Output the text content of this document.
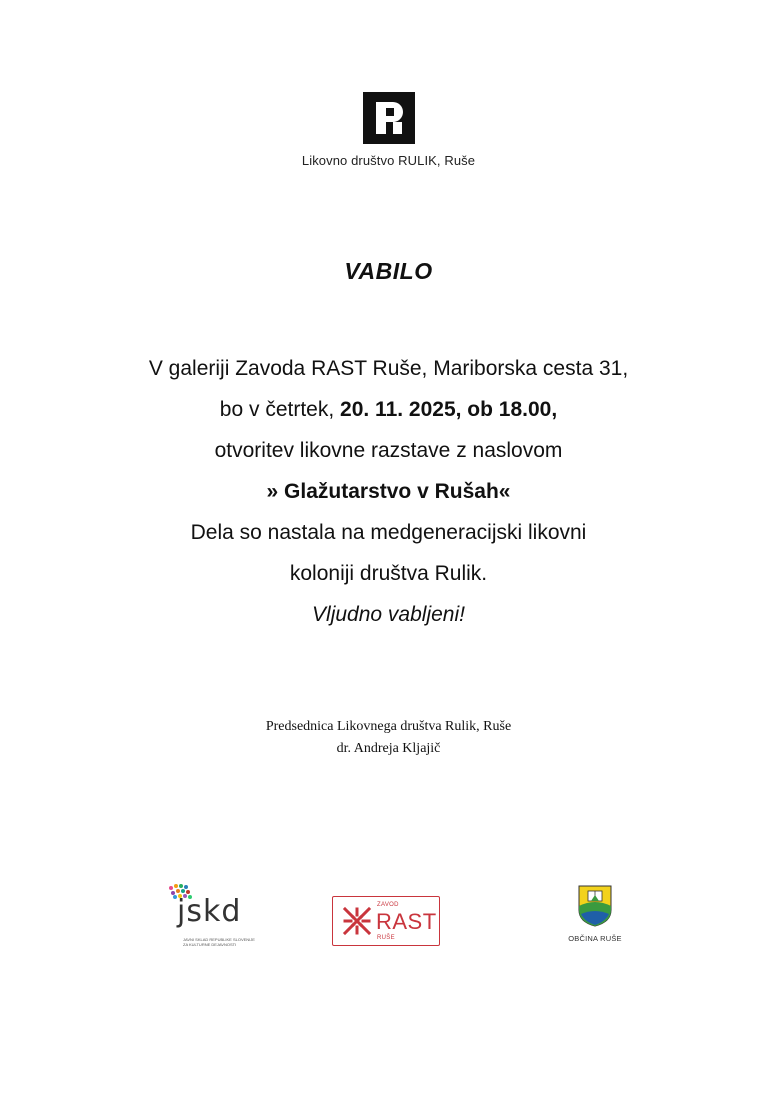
Likovno društvo RULIK, Ruše
VABILO
V galeriji Zavoda RAST Ruše, Mariborska cesta 31,
bo v četrtek, 20. 11. 2025, ob 18.00,
otvoritev likovne razstave z naslovom
» Glažutarstvo v Rušah«
Dela so nastala na medgeneracijski likovni
koloniji društva Rulik.
Vljudno vabljeni!
Predsednica Likovnega društva Rulik, Ruše
dr. Andreja Kljajič
jskd
JAVNI SKLAD REPUBLIKE SLOVENIJE
ZA KULTURNE DEJAVNOSTI
ZAVOD
RAST
RUŠE	OBČINA RUŠE
